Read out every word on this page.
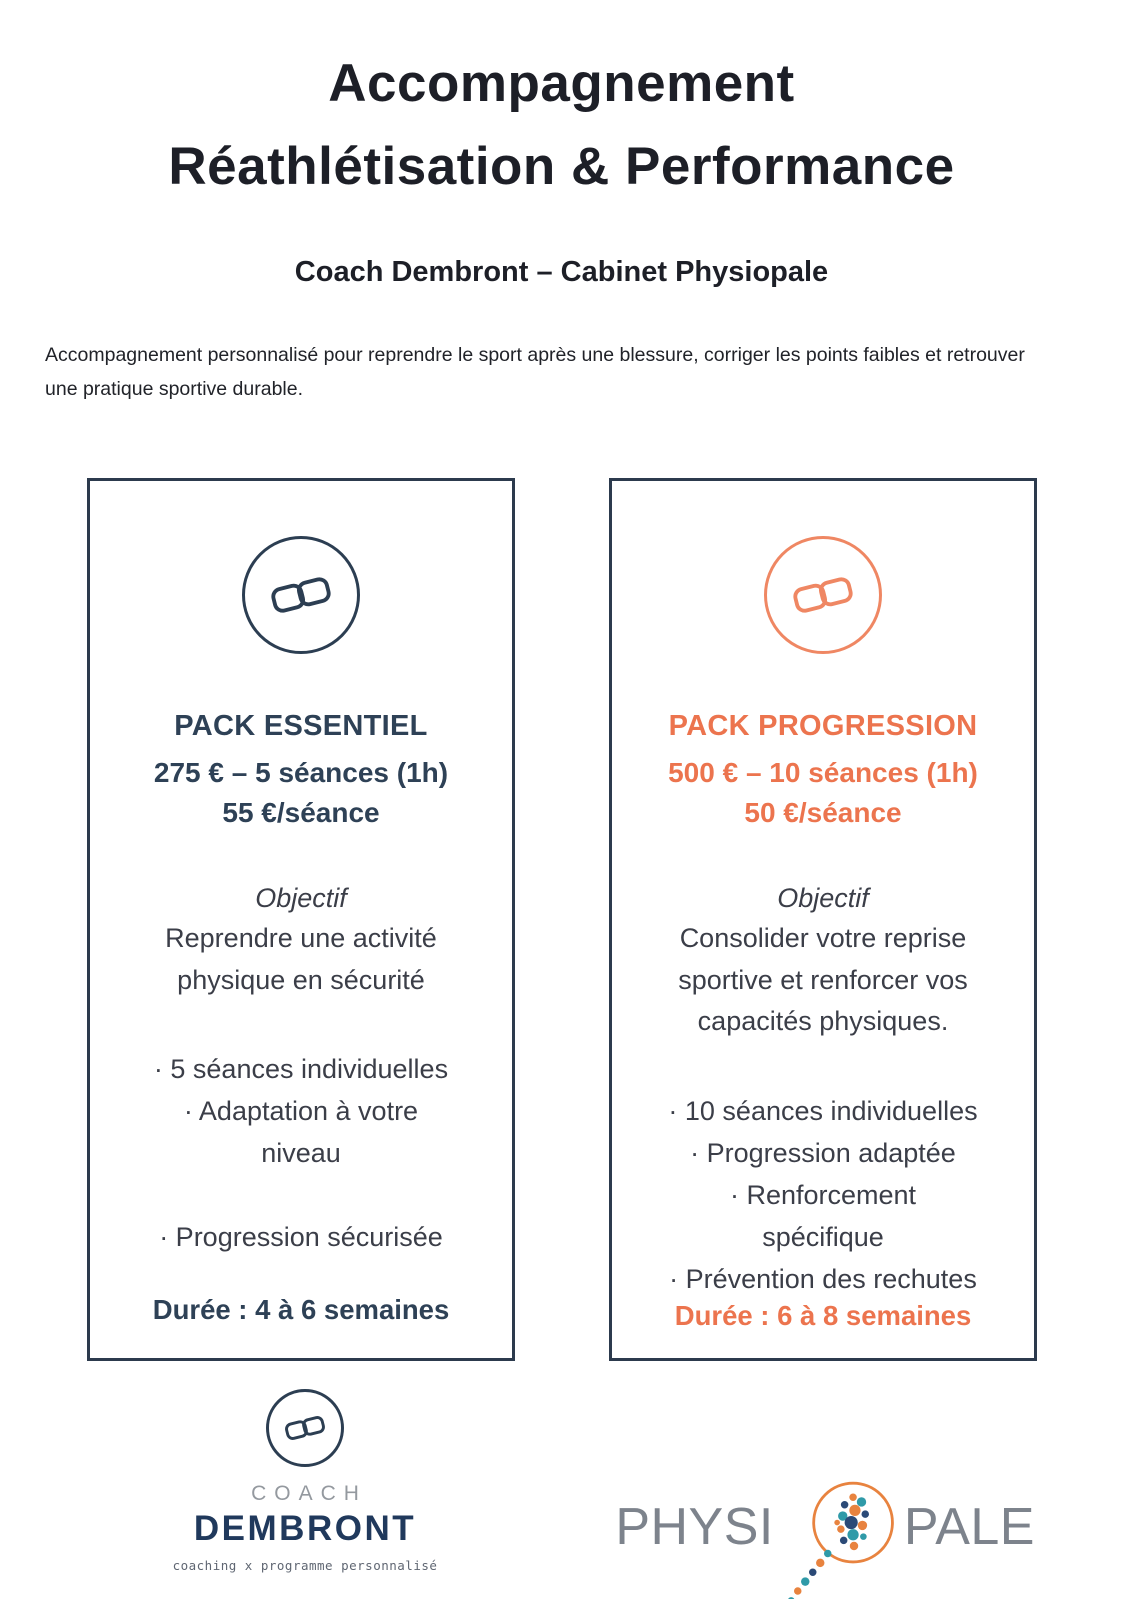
Accompagnement
Réathlétisation & Performance
Coach Dembront – Cabinet Physiopale

Accompagnement personnalisé pour reprendre le sport après une blessure, corriger les points faibles et retrouver une pratique sportive durable.

PACK ESSENTIEL
275 € – 5 séances (1h)
55 €/séance
Objectif
Reprendre une activité physique en sécurité
· 5 séances individuelles
· Adaptation à votre niveau
· Progression sécurisée
Durée : 4 à 6 semaines
PACK PROGRESSION
500 € – 10 séances (1h)
50 €/séance
Objectif
Consolider votre reprise sportive et renforcer vos capacités physiques.
· 10 séances individuelles
· Progression adaptée
· Renforcement spécifique
· Prévention des rechutes
Durée : 6 à 8 semaines
COACH
DEMBRONT
coaching x programme personnalisé
PHYSI	PALE
